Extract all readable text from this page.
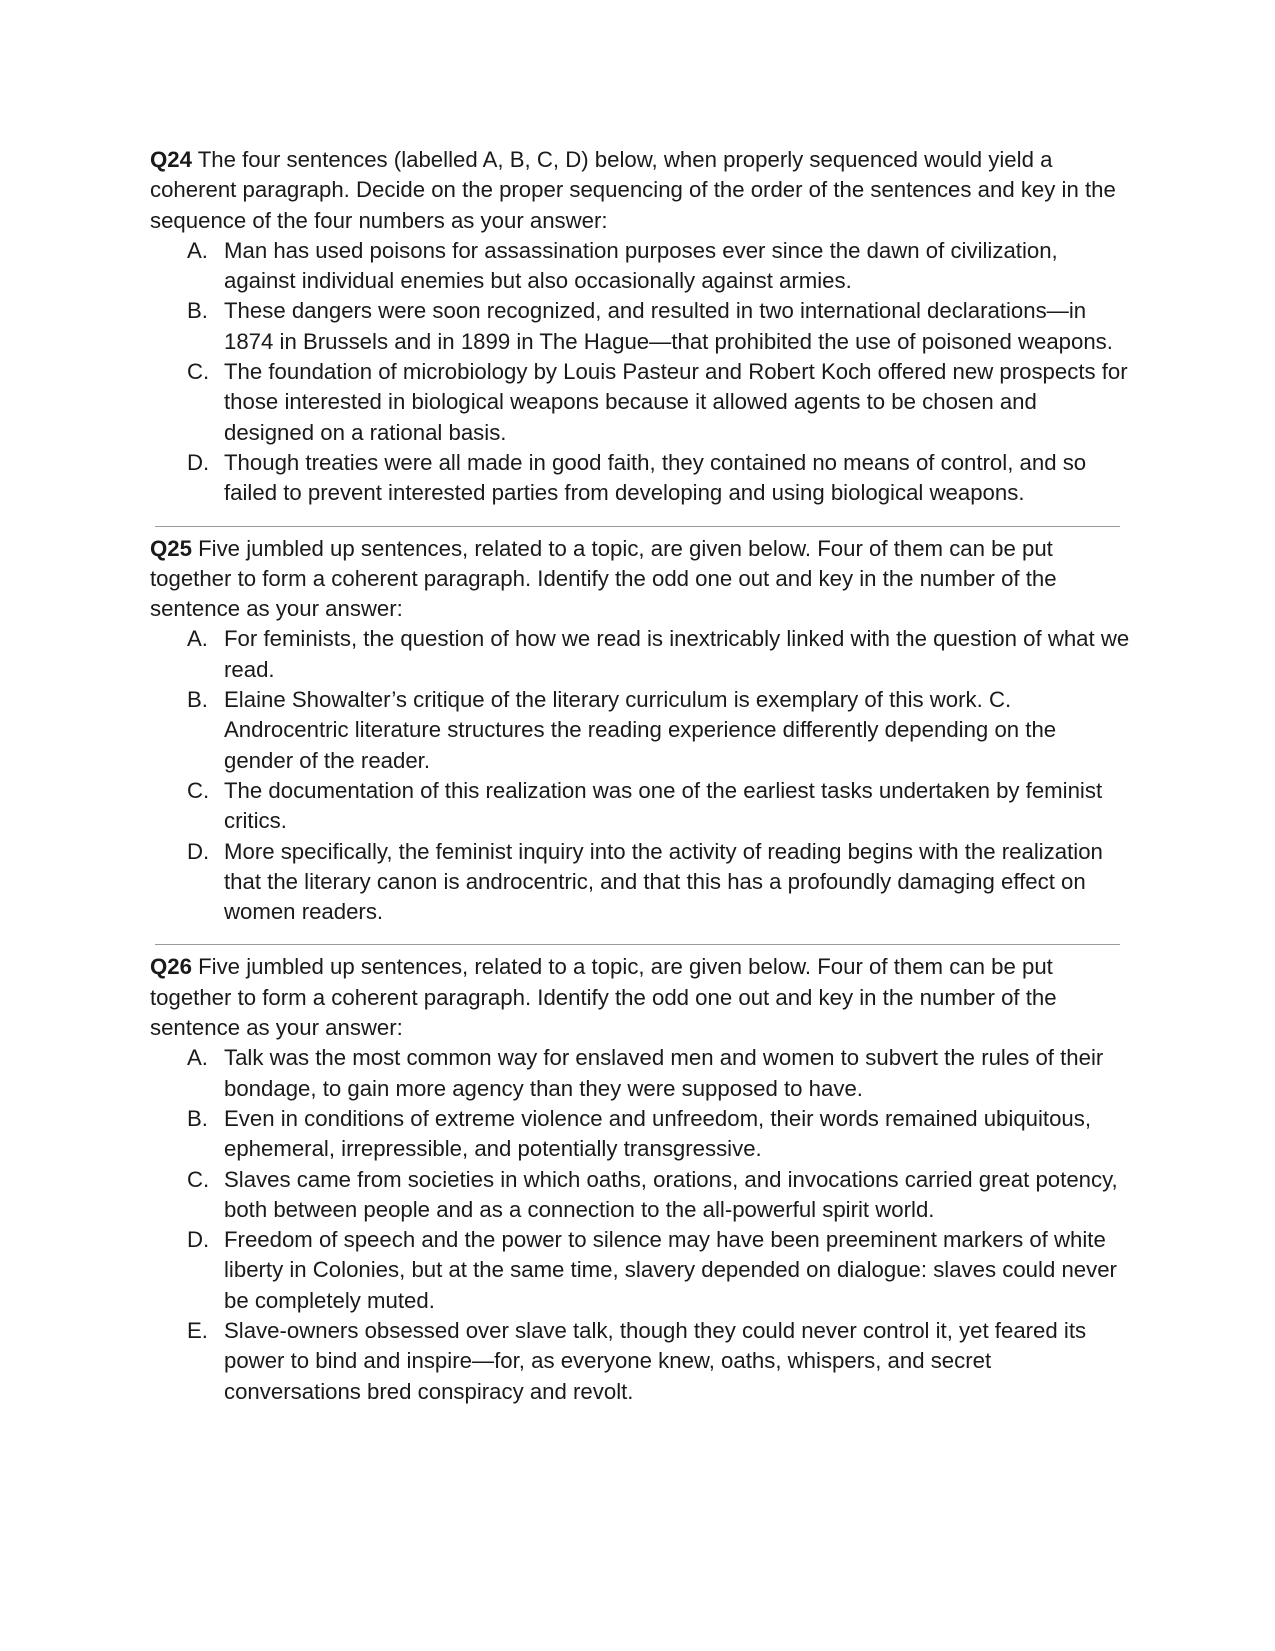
Q24 The four sentences (labelled A, B, C, D) below, when properly sequenced would yield a coherent paragraph. Decide on the proper sequencing of the order of the sentences and key in the sequence of the four numbers as your answer:

A. Man has used poisons for assassination purposes ever since the dawn of civilization, against individual enemies but also occasionally against armies.
B. These dangers were soon recognized, and resulted in two international declarations—in 1874 in Brussels and in 1899 in The Hague—that prohibited the use of poisoned weapons.
C. The foundation of microbiology by Louis Pasteur and Robert Koch offered new prospects for those interested in biological weapons because it allowed agents to be chosen and designed on a rational basis.
D. Though treaties were all made in good faith, they contained no means of control, and so failed to prevent interested parties from developing and using biological weapons.

Q25 Five jumbled up sentences, related to a topic, are given below. Four of them can be put together to form a coherent paragraph. Identify the odd one out and key in the number of the sentence as your answer:

A. For feminists, the question of how we read is inextricably linked with the question of what we read.
B. Elaine Showalter’s critique of the literary curriculum is exemplary of this work. C. Androcentric literature structures the reading experience differently depending on the gender of the reader.
C. The documentation of this realization was one of the earliest tasks undertaken by feminist critics.
D. More specifically, the feminist inquiry into the activity of reading begins with the realization that the literary canon is androcentric, and that this has a profoundly damaging effect on women readers.

Q26 Five jumbled up sentences, related to a topic, are given below. Four of them can be put together to form a coherent paragraph. Identify the odd one out and key in the number of the sentence as your answer:

A. Talk was the most common way for enslaved men and women to subvert the rules of their bondage, to gain more agency than they were supposed to have.
B. Even in conditions of extreme violence and unfreedom, their words remained ubiquitous, ephemeral, irrepressible, and potentially transgressive.
C. Slaves came from societies in which oaths, orations, and invocations carried great potency, both between people and as a connection to the all-powerful spirit world.
D. Freedom of speech and the power to silence may have been preeminent markers of white liberty in Colonies, but at the same time, slavery depended on dialogue: slaves could never be completely muted.
E. Slave-owners obsessed over slave talk, though they could never control it, yet feared its power to bind and inspire—for, as everyone knew, oaths, whispers, and secret conversations bred conspiracy and revolt.
